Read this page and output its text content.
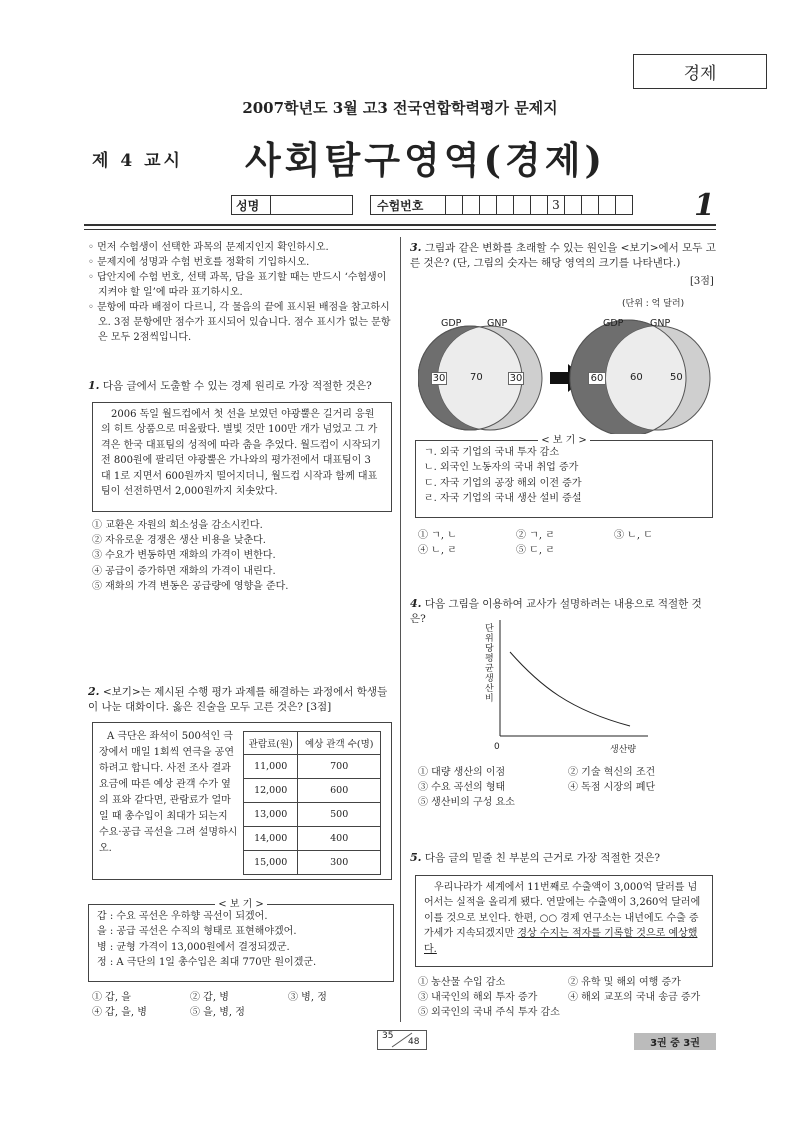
경제
2007학년도 3월 고3 전국연합학력평가 문제지
제 4 교시 사회탐구영역(경제)
성명	수험번호	3	1
◦ 먼저 수험생이 선택한 과목의 문제지인지 확인하시오.
◦ 문제지에 성명과 수험 번호를 정확히 기입하시오.
◦ 답안지에 수험 번호, 선택 과목, 답을 표기할 때는 반드시 ‘수험생이 지켜야 할 일’에 따라 표기하시오.
◦ 문항에 따라 배점이 다르니, 각 물음의 끝에 표시된 배점을 참고하시오. 3점 문항에만 점수가 표시되어 있습니다. 점수 표시가 없는 문항은 모두 2점씩입니다.
1. 다음 글에서 도출할 수 있는 경제 원리로 가장 적절한 것은?
2006 독일 월드컵에서 첫 선을 보였던 야광뿔은 길거리 응원의 히트 상품으로 떠올랐다. 별빛 것만 100만 개가 넘었고 그 가격은 한국 대표팀의 성적에 따라 춤을 추었다. 월드컵이 시작되기 전 800원에 팔리던 야광뿔은 가나와의 평가전에서 대표팀이 3 대 1로 지면서 600원까지 떨어지더니, 월드컵 시작과 함께 대표팀이 선전하면서 2,000원까지 치솟았다.
① 교환은 자원의 희소성을 감소시킨다.
② 자유로운 경쟁은 생산 비용을 낮춘다.
③ 수요가 변동하면 재화의 가격이 변한다.
④ 공급이 증가하면 재화의 가격이 내린다.
⑤ 재화의 가격 변동은 공급량에 영향을 준다.
2. <보기>는 제시된 수행 평가 과제를 해결하는 과정에서 학생들이 나눈 대화이다. 옳은 진술을 모두 고른 것은? [3점]
A 극단은 좌석이 500석인 극장에서 매일 1회씩 연극을 공연하려고 합니다. 사전 조사 결과 요금에 따른 예상 관객 수가 옆의 표와 같다면, 관람료가 얼마일 때 총수입이 최대가 되는지 수요·공급 곡선을 그려 설명하시오.
관람료(원)	예상 관객 수(명)
11,000	700
12,000	600
13,000	500
14,000	400
15,000	300
< 보 기 >
갑 : 수요 곡선은 우하향 곡선이 되겠어.
을 : 공급 곡선은 수직의 형태로 표현해야겠어.
병 : 균형 가격이 13,000원에서 결정되겠군.
정 : A 극단의 1일 총수입은 최대 770만 원이겠군.
① 갑, 을	② 갑, 병	③ 병, 정
④ 갑, 을, 병	⑤ 을, 병, 정
3. 그림과 같은 변화를 초래할 수 있는 원인을 <보기>에서 모두 고른 것은? (단, 그림의 숫자는 해당 영역의 크기를 나타낸다.)
[3점]
(단위 : 억 달러)
GDP	GNP
30 70	30
GDP	GNP
60	60	50
< 보 기 >
ㄱ. 외국 기업의 국내 투자 감소
ㄴ. 외국인 노동자의 국내 취업 증가
ㄷ. 자국 기업의 공장 해외 이전 증가
ㄹ. 자국 기업의 국내 생산 설비 증설
① ㄱ, ㄴ	② ㄱ, ㄹ	③ ㄴ, ㄷ
④ ㄴ, ㄹ	⑤ ㄷ, ㄹ
4. 다음 그림을 이용하여 교사가 설명하려는 내용으로 적절한 것은?
단위당 평균 생산비
0	생산량
① 대량 생산의 이점	② 기술 혁신의 조건
③ 수요 곡선의 형태	④ 독점 시장의 폐단
⑤ 생산비의 구성 요소
5. 다음 글의 밑줄 친 부분의 근거로 가장 적절한 것은?
우리나라가 세계에서 11번째로 수출액이 3,000억 달러를 넘어서는 실적을 올리게 됐다. 연말에는 수출액이 3,260억 달러에 이를 것으로 보인다. 한편, ○○ 경제 연구소는 내년에도 수출 증가세가 지속되겠지만 경상 수지는 적자를 기록할 것으로 예상했다.
① 농산물 수입 감소	② 유학 및 해외 여행 증가
③ 내국인의 해외 투자 증가	④ 해외 교포의 국내 송금 증가
⑤ 외국인의 국내 주식 투자 감소
35
48	3권 중 3권
